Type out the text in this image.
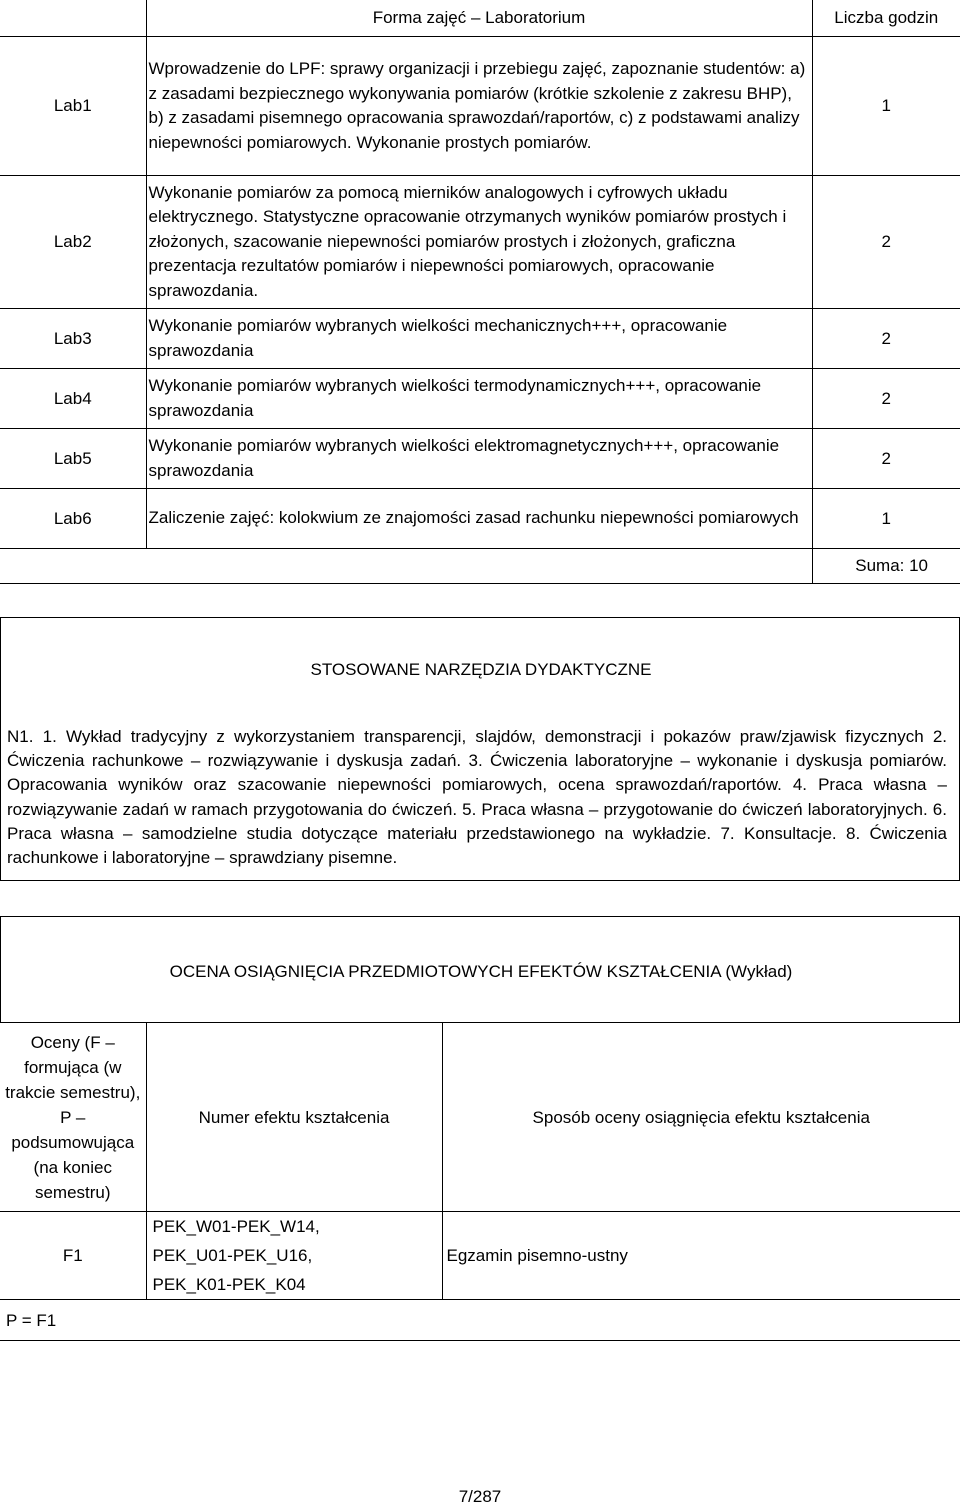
	Forma zajęć – Laboratorium	Liczba godzin
Lab1	Wprowadzenie do LPF: sprawy organizacji i przebiegu zajęć, zapoznanie studentów: a) z zasadami bezpiecznego wykonywania pomiarów (krótkie szkolenie z zakresu BHP), b) z zasadami pisemnego opracowania sprawozdań/raportów, c) z podstawami analizy niepewności pomiarowych. Wykonanie prostych pomiarów.	1
Lab2	Wykonanie pomiarów za pomocą mierników analogowych i cyfrowych układu elektrycznego. Statystyczne opracowanie otrzymanych wyników pomiarów prostych i złożonych, szacowanie niepewności pomiarów prostych i złożonych, graficzna prezentacja rezultatów pomiarów i niepewności pomiarowych, opracowanie sprawozdania.	2
Lab3	Wykonanie pomiarów wybranych wielkości mechanicznych+++, opracowanie sprawozdania	2
Lab4	Wykonanie pomiarów wybranych wielkości termodynamicznych+++, opracowanie sprawozdania	2
Lab5	Wykonanie pomiarów wybranych wielkości elektromagnetycznych+++, opracowanie sprawozdania	2
Lab6	Zaliczenie zajęć: kolokwium ze znajomości zasad rachunku niepewności pomiarowych	1
		Suma: 10
STOSOWANE NARZĘDZIA DYDAKTYCZNE
N1. 1. Wykład tradycyjny z wykorzystaniem transparencji, slajdów, demonstracji i pokazów praw/zjawisk fizycznych 2. Ćwiczenia rachunkowe – rozwiązywanie i dyskusja zadań. 3. Ćwiczenia laboratoryjne – wykonanie i dyskusja pomiarów. Opracowania wyników oraz szacowanie niepewności pomiarowych, ocena sprawozdań/raportów. 4. Praca własna – rozwiązywanie zadań w ramach przygotowania do ćwiczeń. 5. Praca własna – przygotowanie do ćwiczeń laboratoryjnych. 6. Praca własna – samodzielne studia dotyczące materiału przedstawionego na wykładzie. 7. Konsultacje. 8. Ćwiczenia rachunkowe i laboratoryjne – sprawdziany pisemne.
OCENA OSIĄGNIĘCIA PRZEDMIOTOWYCH EFEKTÓW KSZTAŁCENIA (Wykład)
Oceny (F – formująca (w trakcie semestru), P – podsumowująca (na koniec semestru)	Numer efektu kształcenia	Sposób oceny osiągnięcia efektu kształcenia
F1	PEK_W01-PEK_W14,
PEK_U01-PEK_U16,
PEK_K01-PEK_K04	Egzamin pisemno-ustny
P = F1		
7/287
